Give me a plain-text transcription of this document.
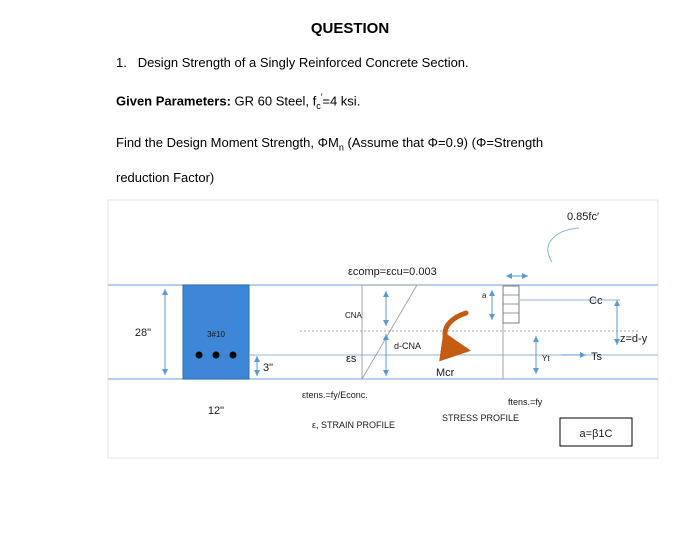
QUESTION
1. Design Strength of a Singly Reinforced Concrete Section.
Given Parameters: GR 60 Steel, $f_c'=4$ ksi.
Find the Design Moment Strength, $\Phi M_n$ (Assume that Φ=0.9) (Φ=Strength
reduction Factor)
3#10
28"
12"
3"
εcomp=εcu=0.003
CNA
d-CNA
εs
εtens.=fy/Econc.
ε, STRAIN PROFILE
Mcr
a
Yt
ftens.=fy
STRESS PROFILE
0.85fc′
Cc
z=d-y
Ts
a=β1C
